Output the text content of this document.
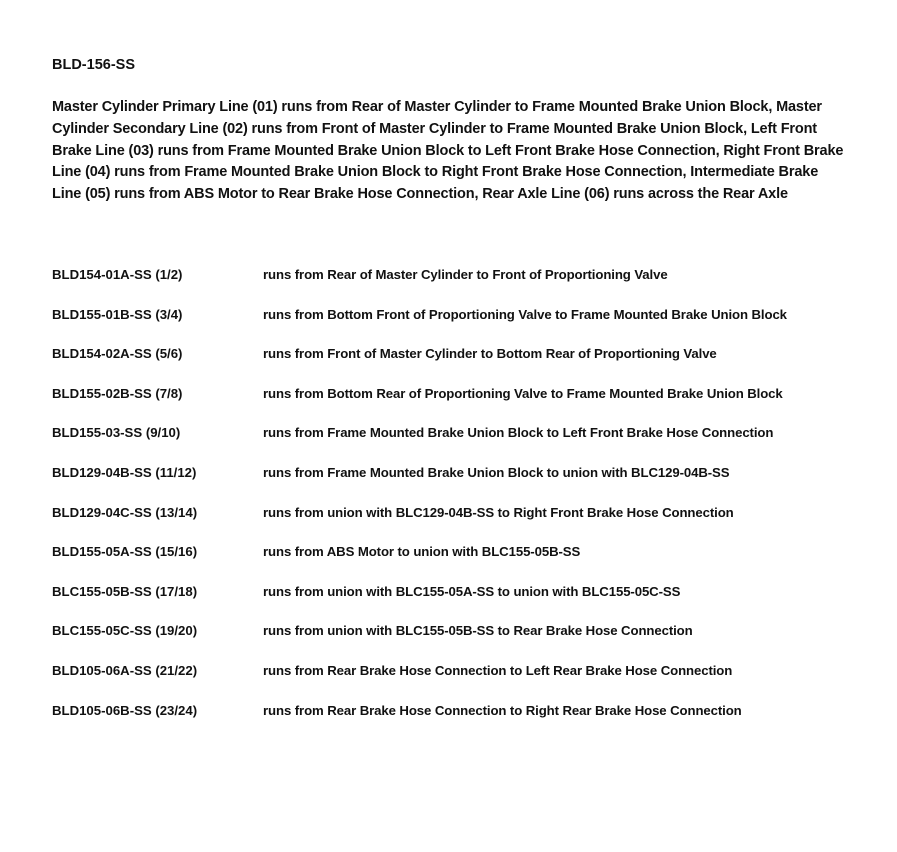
BLD-156-SS
Master Cylinder Primary Line (01) runs from Rear of Master Cylinder to Frame Mounted Brake Union Block, Master Cylinder Secondary Line (02) runs from Front of Master Cylinder to Frame Mounted Brake Union Block, Left Front Brake Line (03) runs from Frame Mounted Brake Union Block to Left Front Brake Hose Connection, Right Front Brake Line (04) runs from Frame Mounted Brake Union Block to Right Front Brake Hose Connection, Intermediate Brake Line (05) runs from ABS Motor to Rear Brake Hose Connection, Rear Axle Line (06) runs across the Rear Axle
BLD154-01A-SS (1/2)	runs from Rear of Master Cylinder to Front of Proportioning Valve
BLD155-01B-SS (3/4)	runs from Bottom Front of Proportioning Valve to Frame Mounted Brake Union Block
BLD154-02A-SS (5/6)	runs from Front of Master Cylinder to Bottom Rear of Proportioning Valve
BLD155-02B-SS (7/8)	runs from Bottom Rear of Proportioning Valve to Frame Mounted Brake Union Block
BLD155-03-SS (9/10)	runs from Frame Mounted Brake Union Block to Left Front Brake Hose Connection
BLD129-04B-SS (11/12)	runs from Frame Mounted Brake Union Block to union with BLC129-04B-SS
BLD129-04C-SS (13/14)	runs from union with BLC129-04B-SS to Right Front Brake Hose Connection
BLD155-05A-SS (15/16)	runs from ABS Motor to union with BLC155-05B-SS
BLC155-05B-SS (17/18)	runs from union with BLC155-05A-SS to union with BLC155-05C-SS
BLC155-05C-SS (19/20)	runs from union with BLC155-05B-SS to Rear Brake Hose Connection
BLD105-06A-SS (21/22)	runs from Rear Brake Hose Connection to Left Rear Brake Hose Connection
BLD105-06B-SS (23/24)	runs from Rear Brake Hose Connection to Right Rear Brake Hose Connection
